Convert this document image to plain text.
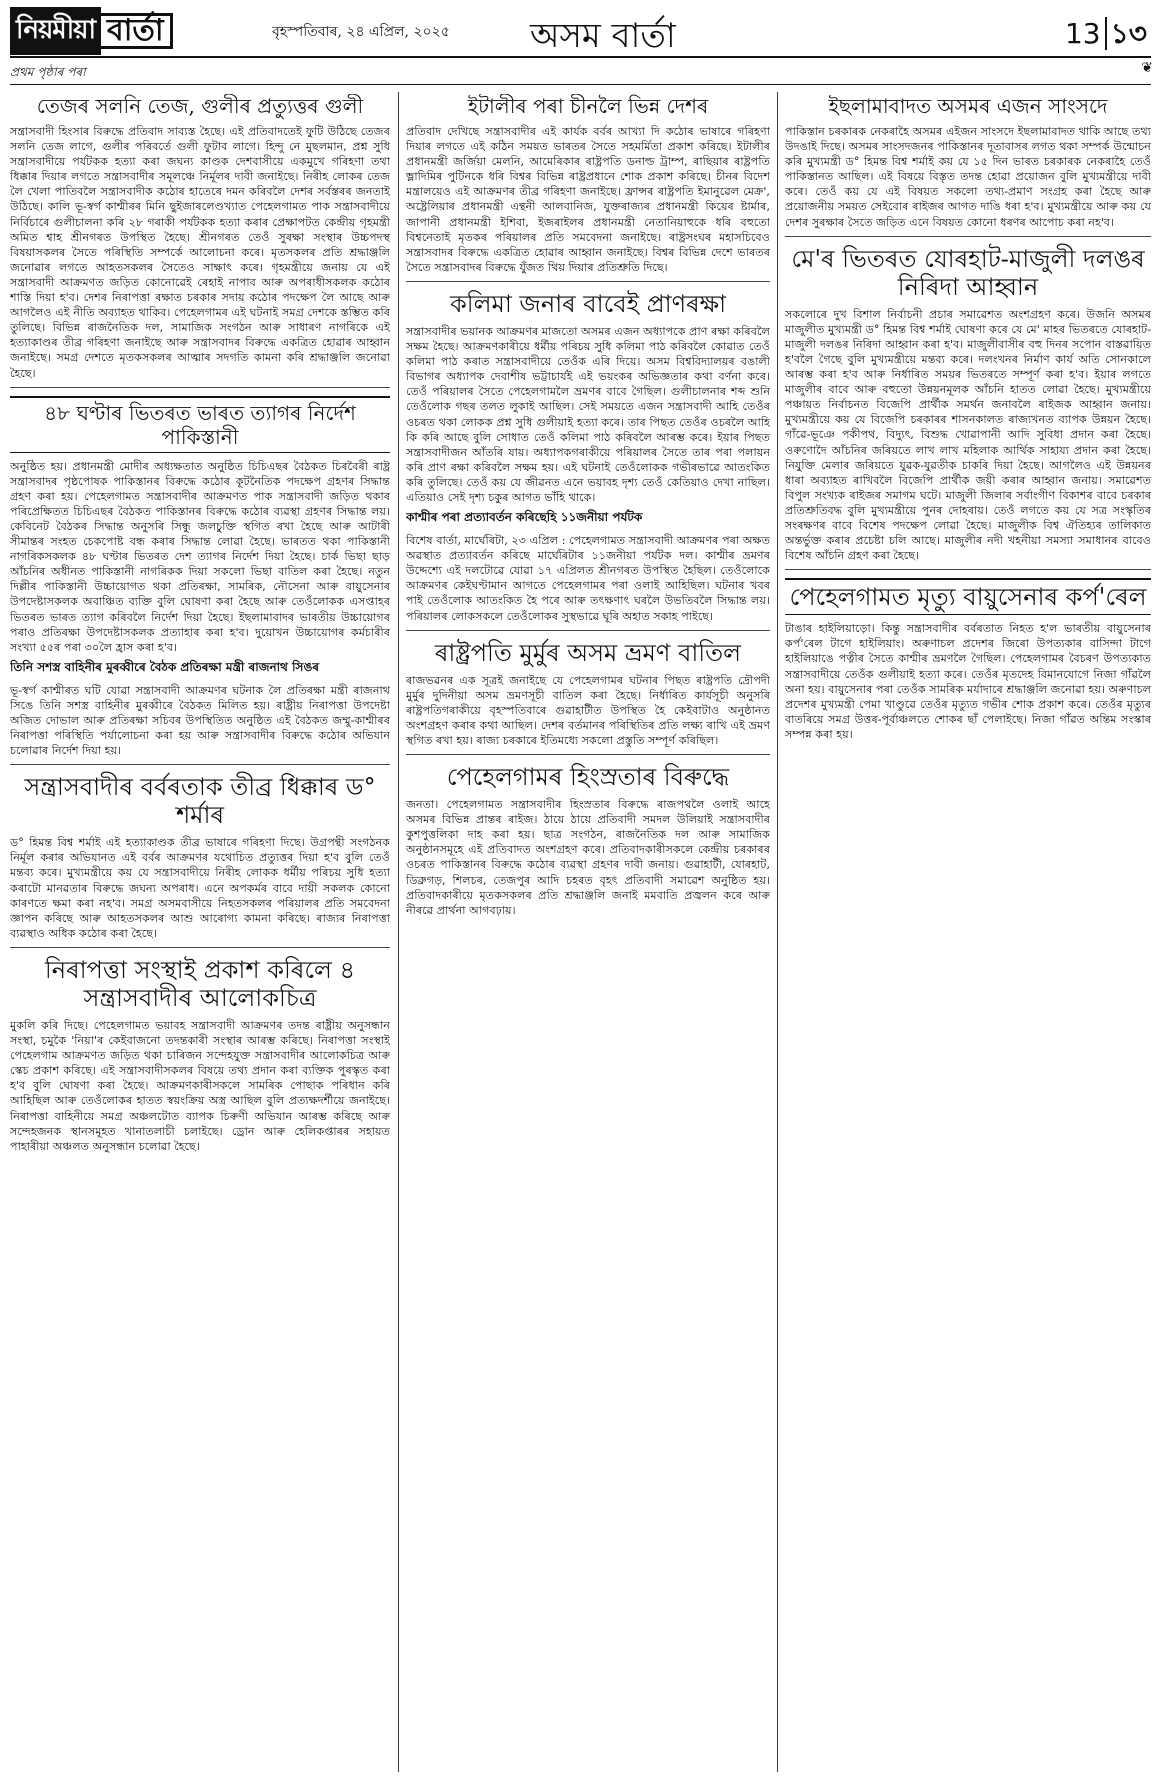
নিয়মীয়া বাৰ্তা	বৃহস্পতিবাৰ, ২৪ এপ্ৰিল, ২০২৫ অসম বাৰ্তা	13 ১৩
প্ৰথম পৃষ্ঠাৰ পৰা	❦
তেজৰ সলনি তেজ, গুলীৰ প্ৰত্যুত্তৰ গুলী

সন্ত্ৰাসবাদী হিংসাৰ বিৰুদ্ধে প্ৰতিবাদ সাব্যস্ত হৈছে। এই প্ৰতিবাদতেই ফুটি উঠিছে তেজৰ সলনি তেজ লাগে, গুলীৰ পৰিবৰ্তে গুলী ফুটাব লাগে। হিন্দু নে মুছলমান, প্ৰশ্ন সুধি সন্ত্ৰাসবাদীয়ে পৰ্যটকক হত্যা কৰা জঘন্য কাণ্ডক দেশবাসীয়ে একমুখে গৰিহণা তথা ধিক্কাৰ দিয়াৰ লগতে সন্ত্ৰাসবাদীৰ সমূলঞ্চে নিৰ্মূলৰ দাবী জনাইছে। নিৰীহ লোকৰ তেজ লৈ খেলা পাতিবলৈ সন্ত্ৰাসবাদীক কঠোৰ হাতেৰে দমন কৰিবলৈ দেশৰ সৰ্বস্তৰৰ জনতাই উঠিছে। কালি ভূ-স্বৰ্গ কাশ্মীৰৰ মিনি ছুইজাৰলেণ্ডখ্যাত পেহেলগামত পাক সন্ত্ৰাসবাদীয়ে নিৰ্বিচাৰে গুলীচালনা কৰি ২৮ গৰাকী পৰ্যটকক হত্যা কৰাৰ প্ৰেক্ষাপটত কেন্দ্ৰীয় গৃহমন্ত্ৰী অমিত শ্বাহ শ্ৰীনগৰত উপস্থিত হৈছে। শ্ৰীনগৰত তেওঁ সুৰক্ষা সংস্থাৰ উচ্চপদস্থ বিষয়াসকলৰ সৈতে পৰিস্থিতি সম্পৰ্কে আলোচনা কৰে। মৃতসকলৰ প্ৰতি শ্ৰদ্ধাঞ্জলি জনোৱাৰ লগতে আহতসকলৰ সৈতেও সাক্ষাৎ কৰে। গৃহমন্ত্ৰীয়ে জনায় যে এই সন্ত্ৰাসবাদী আক্ৰমণত জড়িত কোনোৱেই ৰেহাই নাপাব আৰু অপৰাধীসকলক কঠোৰ শাস্তি দিয়া হ'ব। দেশৰ নিৰাপত্তা ৰক্ষাত চৰকাৰ সদায় কঠোৰ পদক্ষেপ লৈ আছে আৰু আগলৈও এই নীতি অব্যাহত থাকিব। পেহেলগামৰ এই ঘটনাই সমগ্ৰ দেশকে স্তম্ভিত কৰি তুলিছে। বিভিন্ন ৰাজনৈতিক দল, সামাজিক সংগঠন আৰু সাধাৰণ নাগৰিকে এই হত্যাকাণ্ডৰ তীব্ৰ গৰিহণা জনাইছে আৰু সন্ত্ৰাসবাদৰ বিৰুদ্ধে একত্ৰিত হোৱাৰ আহ্বান জনাইছে। সমগ্ৰ দেশতে মৃতকসকলৰ আত্মাৰ সদগতি কামনা কৰি শ্ৰদ্ধাঞ্জলি জনোৱা হৈছে।

৪৮ ঘণ্টাৰ ভিতৰত ভাৰত ত্যাগৰ নিৰ্দেশ পাকিস্তানী

অনুষ্ঠিত হয়। প্ৰধানমন্ত্ৰী মোদীৰ অধ্যক্ষতাত অনুষ্ঠিত চিচিএছৰ বৈঠকত চিৰবৈৰী ৰাষ্ট্ৰ সন্ত্ৰাসবাদৰ পৃষ্ঠপোষক পাকিস্তানৰ বিৰুদ্ধে কঠোৰ কূটনৈতিক পদক্ষেপ গ্ৰহণৰ সিদ্ধান্ত গ্ৰহণ কৰা হয়। পেহেলগামত সন্ত্ৰাসবাদীৰ আক্ৰমণত পাক সন্ত্ৰাসবাদী জড়িত থকাৰ পৰিপ্ৰেক্ষিতত চিচিএছৰ বৈঠকত পাকিস্তানৰ বিৰুদ্ধে কঠোৰ ব্যৱস্থা গ্ৰহণৰ সিদ্ধান্ত লয়। কেবিনেট বৈঠকৰ সিদ্ধান্ত অনুসৰি সিন্ধু জলচুক্তি স্থগিত ৰখা হৈছে আৰু আটাৰী সীমান্তৰ সংহত চেকপোষ্ট বন্ধ কৰাৰ সিদ্ধান্ত লোৱা হৈছে। ভাৰতত থকা পাকিস্তানী নাগৰিকসকলক ৪৮ ঘণ্টাৰ ভিতৰত দেশ ত্যাগৰ নিৰ্দেশ দিয়া হৈছে। চাৰ্ক ভিছা ছাড় আঁচনিৰ অধীনত পাকিস্তানী নাগৰিকক দিয়া সকলো ভিছা বাতিল কৰা হৈছে। নতুন দিল্লীৰ পাকিস্তানী উচ্চায়োগত থকা প্ৰতিৰক্ষা, সামৰিক, নৌসেনা আৰু বায়ুসেনাৰ উপদেষ্টাসকলক অবাঞ্চিত ব্যক্তি বুলি ঘোষণা কৰা হৈছে আৰু তেওঁলোকক এসপ্তাহৰ ভিতৰত ভাৰত ত্যাগ কৰিবলৈ নিৰ্দেশ দিয়া হৈছে। ইছলামাবাদৰ ভাৰতীয় উচ্চায়োগৰ পৰাও প্ৰতিৰক্ষা উপদেষ্টাসকলক প্ৰত্যাহাৰ কৰা হ'ব। দুয়োখন উচ্চায়োগৰ কৰ্মচাৰীৰ সংখ্যা ৫৫ৰ পৰা ৩০লৈ হ্ৰাস কৰা হ'ব।

তিনি সশস্ত্ৰ বাহিনীৰ মুৰব্বীৰে বৈঠক প্ৰতিৰক্ষা মন্ত্ৰী ৰাজনাথ সিঙৰ

ভূ-স্বৰ্গ কাশ্মীৰত ঘটি যোৱা সন্ত্ৰাসবাদী আক্ৰমণৰ ঘটনাক লৈ প্ৰতিৰক্ষা মন্ত্ৰী ৰাজনাথ সিঙে তিনি সশস্ত্ৰ বাহিনীৰ মুৰব্বীৰে বৈঠকত মিলিত হয়। ৰাষ্ট্ৰীয় নিৰাপত্তা উপদেষ্টা অজিত দোভাল আৰু প্ৰতিৰক্ষা সচিবৰ উপস্থিতিত অনুষ্ঠিত এই বৈঠকত জম্মু-কাশ্মীৰৰ নিৰাপত্তা পৰিস্থিতি পৰ্যালোচনা কৰা হয় আৰু সন্ত্ৰাসবাদীৰ বিৰুদ্ধে কঠোৰ অভিযান চলোৱাৰ নিৰ্দেশ দিয়া হয়।

সন্ত্ৰাসবাদীৰ বৰ্বৰতাক তীব্ৰ ধিক্কাৰ ড° শৰ্মাৰ

ড° হিমন্ত বিশ্ব শৰ্মাই এই হত্যাকাণ্ডক তীব্ৰ ভাষাৰে গৰিহণা দিছে। উগ্ৰপন্থী সংগঠনক নিৰ্মূল কৰাৰ অভিযানত এই বৰ্বৰ আক্ৰমণৰ যথোচিত প্ৰত্যুত্তৰ দিয়া হ'ব বুলি তেওঁ মন্তব্য কৰে। মুখ্যমন্ত্ৰীয়ে কয় যে সন্ত্ৰাসবাদীয়ে নিৰীহ লোকক ধৰ্মীয় পৰিচয় সুধি হত্যা কৰাটো মানৱতাৰ বিৰুদ্ধে জঘন্য অপৰাধ। এনে অপকৰ্মৰ বাবে দায়ী সকলক কোনো কাৰণতে ক্ষমা কৰা নহ'ব। সমগ্ৰ অসমবাসীয়ে নিহতসকলৰ পৰিয়ালৰ প্ৰতি সমবেদনা জ্ঞাপন কৰিছে আৰু আহতসকলৰ আশু আৰোগ্য কামনা কৰিছে। ৰাজ্যৰ নিৰাপত্তা ব্যৱস্থাও অধিক কঠোৰ কৰা হৈছে।

নিৰাপত্তা সংস্থাই প্ৰকাশ কৰিলে ৪ সন্ত্ৰাসবাদীৰ আলোকচিত্ৰ

মুকলি কৰি দিছে। পেহেলগামত ভয়াবহ সন্ত্ৰাসবাদী আক্ৰমণৰ তদন্ত ৰাষ্ট্ৰীয় অনুসন্ধান সংস্থা, চমুকৈ 'নিয়া'ৰ কেইবাজনো তদন্তকাৰী সংস্থাৰ আৰম্ভ কৰিছে। নিৰাপত্তা সংস্থাই পেহেলগাম আক্ৰমণত জড়িত থকা চাৰিজন সন্দেহযুক্ত সন্ত্ৰাসবাদীৰ আলোকচিত্ৰ আৰু স্কেচ প্ৰকাশ কৰিছে। এই সন্ত্ৰাসবাদীসকলৰ বিষয়ে তথ্য প্ৰদান কৰা ব্যক্তিক পুৰস্কৃত কৰা হ'ব বুলি ঘোষণা কৰা হৈছে। আক্ৰমণকাৰীসকলে সামৰিক পোছাক পৰিধান কৰি আহিছিল আৰু তেওঁলোকৰ হাতত স্বয়ংক্ৰিয় অস্ত্ৰ আছিল বুলি প্ৰত্যক্ষদৰ্শীয়ে জনাইছে। নিৰাপত্তা বাহিনীয়ে সমগ্ৰ অঞ্চলটোত ব্যাপক চিৰুণী অভিযান আৰম্ভ কৰিছে আৰু সন্দেহজনক স্থানসমূহত খানাতলাচী চলাইছে। ড্ৰোন আৰু হেলিকপ্তাৰৰ সহায়ত পাহাৰীয়া অঞ্চলত অনুসন্ধান চলোৱা হৈছে।

ইটালীৰ পৰা চীনলৈ ভিন্ন দেশৰ

প্ৰতিবাদ দেখিছে সন্ত্ৰাসবাদীৰ এই কাৰ্যক বৰ্বৰ আখ্যা দি কঠোৰ ভাষাৰে গৰিহণা দিয়াৰ লগতে এই কঠিন সময়ত ভাৰতৰ সৈতে সহমৰ্মিতা প্ৰকাশ কৰিছে। ইটালীৰ প্ৰধানমন্ত্ৰী জৰ্জিয়া মেলনি, আমেৰিকাৰ ৰাষ্ট্ৰপতি ডনাল্ড ট্ৰাম্প, ৰাছিয়াৰ ৰাষ্ট্ৰপতি ভ্লাদিমিৰ পুটিনকে ধৰি বিশ্বৰ বিভিন্ন ৰাষ্ট্ৰপ্ৰধানে শোক প্ৰকাশ কৰিছে। চীনৰ বিদেশ মন্ত্ৰালয়েও এই আক্ৰমণৰ তীব্ৰ গৰিহণা জনাইছে। ফ্ৰান্সৰ ৰাষ্ট্ৰপতি ইমানুৱেল মেক্ৰ', অষ্ট্ৰেলিয়াৰ প্ৰধানমন্ত্ৰী এন্থনী আলবানিজ, যুক্তৰাজ্যৰ প্ৰধানমন্ত্ৰী কিয়েৰ ষ্টাৰ্মাৰ, জাপানী প্ৰধানমন্ত্ৰী ইশিবা, ইজৰাইলৰ প্ৰধানমন্ত্ৰী নেতানিয়াহুকে ধৰি বহুতো বিশ্বনেতাই মৃতকৰ পৰিয়ালৰ প্ৰতি সমবেদনা জনাইছে। ৰাষ্ট্ৰসংঘৰ মহাসচিবেও সন্ত্ৰাসবাদৰ বিৰুদ্ধে একত্ৰিত হোৱাৰ আহ্বান জনাইছে। বিশ্বৰ বিভিন্ন দেশে ভাৰতৰ সৈতে সন্ত্ৰাসবাদৰ বিৰুদ্ধে যুঁজত থিয় দিয়াৰ প্ৰতিশ্ৰুতি দিছে।

কলিমা জনাৰ বাবেই প্ৰাণৰক্ষা

সন্ত্ৰাসবাদীৰ ভয়ানক আক্ৰমণৰ মাজতো অসমৰ এজন অধ্যাপকে প্ৰাণ ৰক্ষা কৰিবলৈ সক্ষম হৈছে। আক্ৰমণকাৰীয়ে ধৰ্মীয় পৰিচয় সুধি কলিমা পাঠ কৰিবলৈ কোৱাত তেওঁ কলিমা পাঠ কৰাত সন্ত্ৰাসবাদীয়ে তেওঁক এৰি দিয়ে। অসম বিশ্ববিদ্যালয়ৰ বঙালী বিভাগৰ অধ্যাপক দেবাশীষ ভট্টাচাৰ্যই এই ভয়ংকৰ অভিজ্ঞতাৰ কথা বৰ্ণনা কৰে। তেওঁ পৰিয়ালৰ সৈতে পেহেলগামলৈ ভ্ৰমণৰ বাবে গৈছিল। গুলীচালনাৰ শব্দ শুনি তেওঁলোক গছৰ তলত লুকাই আছিল। সেই সময়তে এজন সন্ত্ৰাসবাদী আহি তেওঁৰ ওচৰত থকা লোকক প্ৰশ্ন সুধি গুলীয়াই হত্যা কৰে। তাৰ পিছত তেওঁৰ ওচৰলৈ আহি কি কৰি আছে বুলি সোধাত তেওঁ কলিমা পাঠ কৰিবলৈ আৰম্ভ কৰে। ইয়াৰ পিছত সন্ত্ৰাসবাদীজন আঁতৰি যায়। অধ্যাপকগৰাকীয়ে পৰিয়ালৰ সৈতে তাৰ পৰা পলায়ন কৰি প্ৰাণ ৰক্ষা কৰিবলৈ সক্ষম হয়। এই ঘটনাই তেওঁলোকক গভীৰভাৱে আতংকিত কৰি তুলিছে। তেওঁ কয় যে জীৱনত এনে ভয়াবহ দৃশ্য তেওঁ কেতিয়াও দেখা নাছিল। এতিয়াও সেই দৃশ্য চকুৰ আগত ভাঁহি থাকে।

কাশ্মীৰ পৰা প্ৰত্যাবৰ্তন কৰিছেহি ১১জনীয়া পৰ্যটক

বিশেষ বাৰ্তা, মাৰ্ঘেৰিটা, ২৩ এপ্ৰিল : পেহেলগামত সন্ত্ৰাসবাদী আক্ৰমণৰ পৰা অক্ষত অৱস্থাত প্ৰত্যাবৰ্তন কৰিছে মাৰ্ঘেৰিটাৰ ১১জনীয়া পৰ্যটক দল। কাশ্মীৰ ভ্ৰমণৰ উদ্দেশ্যে এই দলটোৱে যোৱা ১৭ এপ্ৰিলত শ্ৰীনগৰত উপস্থিত হৈছিল। তেওঁলোকে আক্ৰমণৰ কেইঘণ্টামান আগতে পেহেলগামৰ পৰা ওলাই আহিছিল। ঘটনাৰ খবৰ পাই তেওঁলোক আতংকিত হৈ পৰে আৰু তৎক্ষণাৎ ঘৰলৈ উভতিবলৈ সিদ্ধান্ত লয়। পৰিয়ালৰ লোকসকলে তেওঁলোকৰ সুস্থভাৱে ঘূৰি অহাত সকাহ পাইছে।

ৰাষ্ট্ৰপতি মুৰ্মুৰ অসম ভ্ৰমণ বাতিল

ৰাজভৱনৰ এক সূত্ৰই জনাইছে যে পেহেলগামৰ ঘটনাৰ পিছত ৰাষ্ট্ৰপতি দ্ৰৌপদী মুৰ্মুৰ দুদিনীয়া অসম ভ্ৰমণসূচী বাতিল কৰা হৈছে। নিৰ্ধাৰিত কাৰ্যসূচী অনুসৰি ৰাষ্ট্ৰপতিগৰাকীয়ে বৃহস্পতিবাৰে গুৱাহাটীত উপস্থিত হৈ কেইবাটাও অনুষ্ঠানত অংশগ্ৰহণ কৰাৰ কথা আছিল। দেশৰ বৰ্তমানৰ পৰিস্থিতিৰ প্ৰতি লক্ষ্য ৰাখি এই ভ্ৰমণ স্থগিত ৰখা হয়। ৰাজ্য চৰকাৰে ইতিমধ্যে সকলো প্ৰস্তুতি সম্পূৰ্ণ কৰিছিল।

পেহেলগামৰ হিংস্ৰতাৰ বিৰুদ্ধে

জনতা। পেহেলগামত সন্ত্ৰাসবাদীৰ হিংস্ৰতাৰ বিৰুদ্ধে ৰাজপথলৈ ওলাই আহে অসমৰ বিভিন্ন প্ৰান্তৰ ৰাইজ। ঠায়ে ঠায়ে প্ৰতিবাদী সমদল উলিয়াই সন্ত্ৰাসবাদীৰ কুশপুত্তলিকা দাহ কৰা হয়। ছাত্ৰ সংগঠন, ৰাজনৈতিক দল আৰু সামাজিক অনুষ্ঠানসমূহে এই প্ৰতিবাদত অংশগ্ৰহণ কৰে। প্ৰতিবাদকাৰীসকলে কেন্দ্ৰীয় চৰকাৰৰ ওচৰত পাকিস্তানৰ বিৰুদ্ধে কঠোৰ ব্যৱস্থা গ্ৰহণৰ দাবী জনায়। গুৱাহাটী, যোৰহাট, ডিব্ৰুগড়, শিলচৰ, তেজপুৰ আদি চহৰত বৃহৎ প্ৰতিবাদী সমাৱেশ অনুষ্ঠিত হয়। প্ৰতিবাদকাৰীয়ে মৃতকসকলৰ প্ৰতি শ্ৰদ্ধাঞ্জলি জনাই মমবাতি প্ৰজ্বলন কৰে আৰু নীৰৱে প্ৰাৰ্থনা আগবঢ়ায়।

ইছলামাবাদত অসমৰ এজন সাংসদে

পাকিস্তান চৰকাৰক নেকৰাহৈ অসমৰ এইজন সাংসদে ইছলামাবাদত থাকি আছে তথ্য উদঙাই দিছে। অসমৰ সাংসদজনৰ পাকিস্তানৰ দূতাবাসৰ লগত থকা সম্পৰ্ক উন্মোচন কৰি মুখ্যমন্ত্ৰী ড° হিমন্ত বিশ্ব শৰ্মাই কয় যে ১৫ দিন ভাৰত চৰকাৰক নেকৰাহৈ তেওঁ পাকিস্তানত আছিল। এই বিষয়ে বিস্তৃত তদন্ত হোৱা প্ৰয়োজন বুলি মুখ্যমন্ত্ৰীয়ে দাবী কৰে। তেওঁ কয় যে এই বিষয়ত সকলো তথ্য-প্ৰমাণ সংগ্ৰহ কৰা হৈছে আৰু প্ৰয়োজনীয় সময়ত সেইবোৰ ৰাইজৰ আগত দাঙি ধৰা হ'ব। মুখ্যমন্ত্ৰীয়ে আৰু কয় যে দেশৰ সুৰক্ষাৰ সৈতে জড়িত এনে বিষয়ত কোনো ধৰণৰ আপোচ কৰা নহ'ব।

মে'ৰ ভিতৰত যোৰহাট-মাজুলী দলঙৰ নিৰিদা আহ্বান

সকলোৰে দুখ বিশাল নিৰ্বাচনী প্ৰচাৰ সমাৱেশত অংশগ্ৰহণ কৰে। উজনি অসমৰ মাজুলীত মুখ্যমন্ত্ৰী ড° হিমন্ত বিশ্ব শৰ্মাই ঘোষণা কৰে যে মে' মাহৰ ভিতৰতে যোৰহাট-মাজুলী দলঙৰ নিৰিদা আহ্বান কৰা হ'ব। মাজুলীবাসীৰ বহু দিনৰ সপোন বাস্তৱায়িত হ'বলৈ গৈছে বুলি মুখ্যমন্ত্ৰীয়ে মন্তব্য কৰে। দলংখনৰ নিৰ্মাণ কাৰ্য অতি সোনকালে আৰম্ভ কৰা হ'ব আৰু নিৰ্ধাৰিত সময়ৰ ভিতৰতে সম্পূৰ্ণ কৰা হ'ব। ইয়াৰ লগতে মাজুলীৰ বাবে আৰু বহুতো উন্নয়নমূলক আঁচনি হাতত লোৱা হৈছে। মুখ্যমন্ত্ৰীয়ে পঞ্চায়ত নিৰ্বাচনত বিজেপি প্ৰাৰ্থীক সমৰ্থন জনাবলৈ ৰাইজক আহ্বান জনায়। মুখ্যমন্ত্ৰীয়ে কয় যে বিজেপি চৰকাৰৰ শাসনকালত ৰাজ্যখনত ব্যাপক উন্নয়ন হৈছে। গাঁৱে-ভূঞে পকীপথ, বিদ্যুৎ, বিশুদ্ধ খোৱাপানী আদি সুবিধা প্ৰদান কৰা হৈছে। ওৰুণোদৈ আঁচনিৰ জৰিয়তে লাখ লাখ মহিলাক আৰ্থিক সাহায্য প্ৰদান কৰা হৈছে। নিযুক্তি মেলাৰ জৰিয়তে যুৱক-যুৱতীক চাকৰি দিয়া হৈছে। আগলৈও এই উন্নয়নৰ ধাৰা অব্যাহত ৰাখিবলৈ বিজেপি প্ৰাৰ্থীক জয়ী কৰাৰ আহ্বান জনায়। সমাৱেশত বিপুল সংখ্যক ৰাইজৰ সমাগম ঘটে। মাজুলী জিলাৰ সৰ্বাংগীণ বিকাশৰ বাবে চৰকাৰ প্ৰতিশ্ৰুতিবদ্ধ বুলি মুখ্যমন্ত্ৰীয়ে পুনৰ দোহৰায়। তেওঁ লগতে কয় যে সত্ৰ সংস্কৃতিৰ সংৰক্ষণৰ বাবে বিশেষ পদক্ষেপ লোৱা হৈছে। মাজুলীক বিশ্ব ঐতিহ্যৰ তালিকাত অন্তৰ্ভুক্ত কৰাৰ প্ৰচেষ্টা চলি আছে। মাজুলীৰ নদী খহনীয়া সমস্যা সমাধানৰ বাবেও বিশেষ আঁচনি গ্ৰহণ কৰা হৈছে।

পেহেলগামত মৃত্যু বায়ুসেনাৰ কৰ্প'ৰেল

টাঙাৰ হাইলিয়াড়ো। কিন্তু সন্ত্ৰাসবাদীৰ বৰ্বৰতাত নিহত হ'ল ভাৰতীয় বায়ুসেনাৰ কৰ্প'ৰেল টাগে হাইলিয়াং। অৰুণাচল প্ৰদেশৰ জিৰো উপত্যকাৰ বাসিন্দা টাগে হাইলিয়াঙে পত্নীৰ সৈতে কাশ্মীৰ ভ্ৰমণলৈ গৈছিল। পেহেলগামৰ বৈচৰণ উপত্যকাত সন্ত্ৰাসবাদীয়ে তেওঁক গুলীয়াই হত্যা কৰে। তেওঁৰ মৃতদেহ বিমানযোগে নিজা গাঁৱলৈ অনা হয়। বায়ুসেনাৰ পৰা তেওঁক সামৰিক মৰ্যাদাৰে শ্ৰদ্ধাঞ্জলি জনোৱা হয়। অৰুণাচল প্ৰদেশৰ মুখ্যমন্ত্ৰী পেমা খাণ্ডুৱে তেওঁৰ মৃত্যুত গভীৰ শোক প্ৰকাশ কৰে। তেওঁৰ মৃত্যুৰ বাতৰিয়ে সমগ্ৰ উত্তৰ-পূৰ্বাঞ্চলতে শোকৰ ছাঁ পেলাইছে। নিজা গাঁৱত অন্তিম সংস্কাৰ সম্পন্ন কৰা হয়।
